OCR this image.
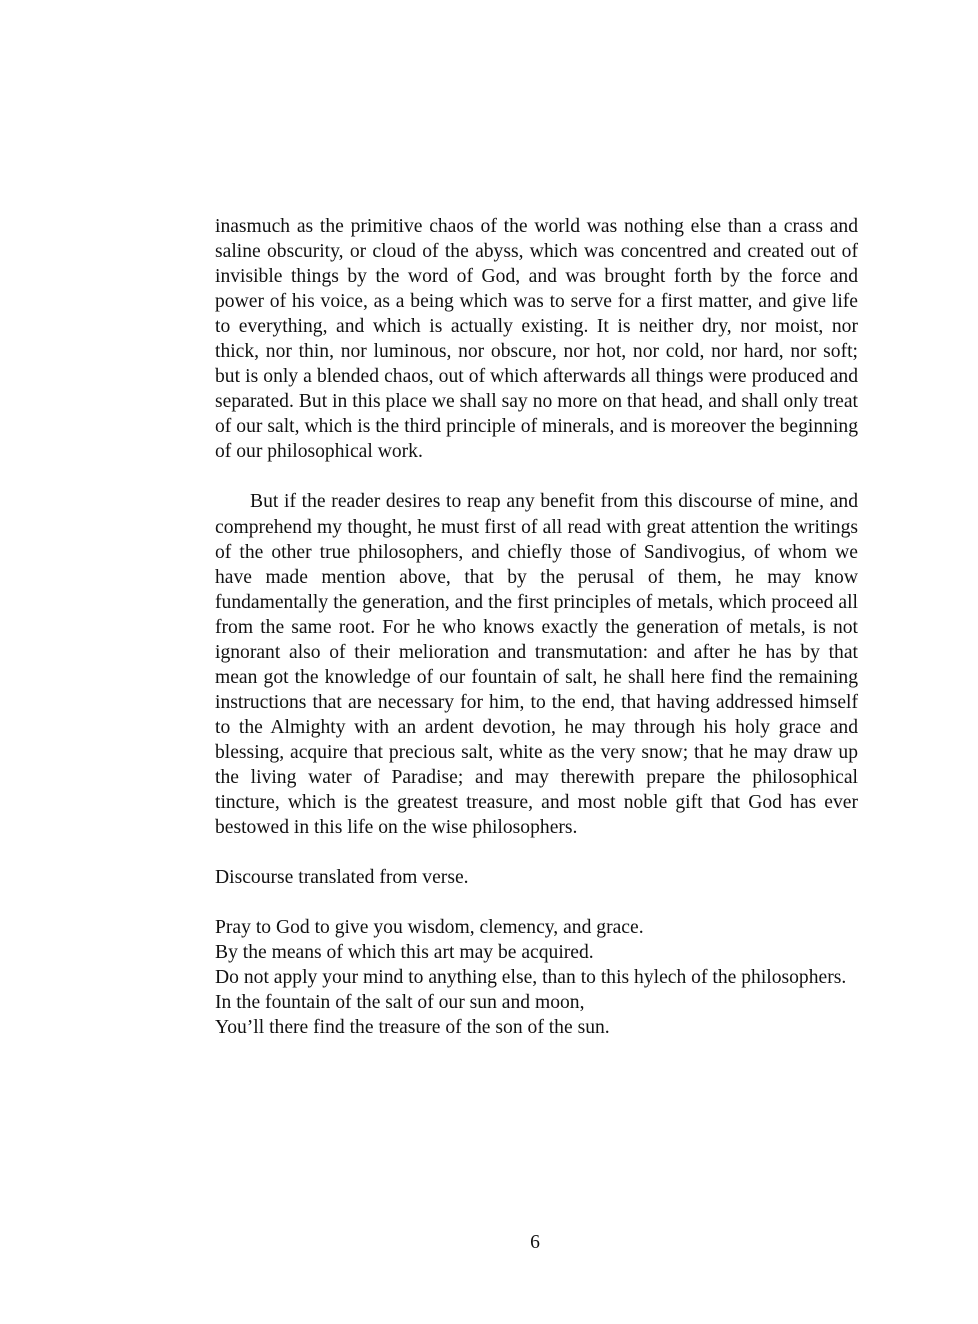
inasmuch as the primitive chaos of the world was nothing else than a crass and saline obscurity, or cloud of the abyss, which was concentred and created out of invisible things by the word of God, and was brought forth by the force and power of his voice, as a being which was to serve for a first matter, and give life to everything, and which is actually existing. It is neither dry, nor moist, nor thick, nor thin, nor luminous, nor obscure, nor hot, nor cold, nor hard, nor soft; but is only a blended chaos, out of which afterwards all things were produced and separated. But in this place we shall say no more on that head, and shall only treat of our salt, which is the third principle of minerals, and is moreover the beginning of our philosophical work.

But if the reader desires to reap any benefit from this discourse of mine, and comprehend my thought, he must first of all read with great attention the writings of the other true philosophers, and chiefly those of Sandivogius, of whom we have made mention above, that by the perusal of them, he may know fundamentally the generation, and the first principles of metals, which proceed all from the same root. For he who knows exactly the generation of metals, is not ignorant also of their melioration and transmutation: and after he has by that mean got the knowledge of our fountain of salt, he shall here find the remaining instructions that are necessary for him, to the end, that having addressed himself to the Almighty with an ardent devotion, he may through his holy grace and blessing, acquire that precious salt, white as the very snow; that he may draw up the living water of Paradise; and may therewith prepare the philosophical tincture, which is the greatest treasure, and most noble gift that God has ever bestowed in this life on the wise philosophers.

Discourse translated from verse.

Pray to God to give you wisdom, clemency, and grace.

By the means of which this art may be acquired.

Do not apply your mind to anything else, than to this hylech of the philosophers.

In the fountain of the salt of our sun and moon,

You’ll there find the treasure of the son of the sun.

6
